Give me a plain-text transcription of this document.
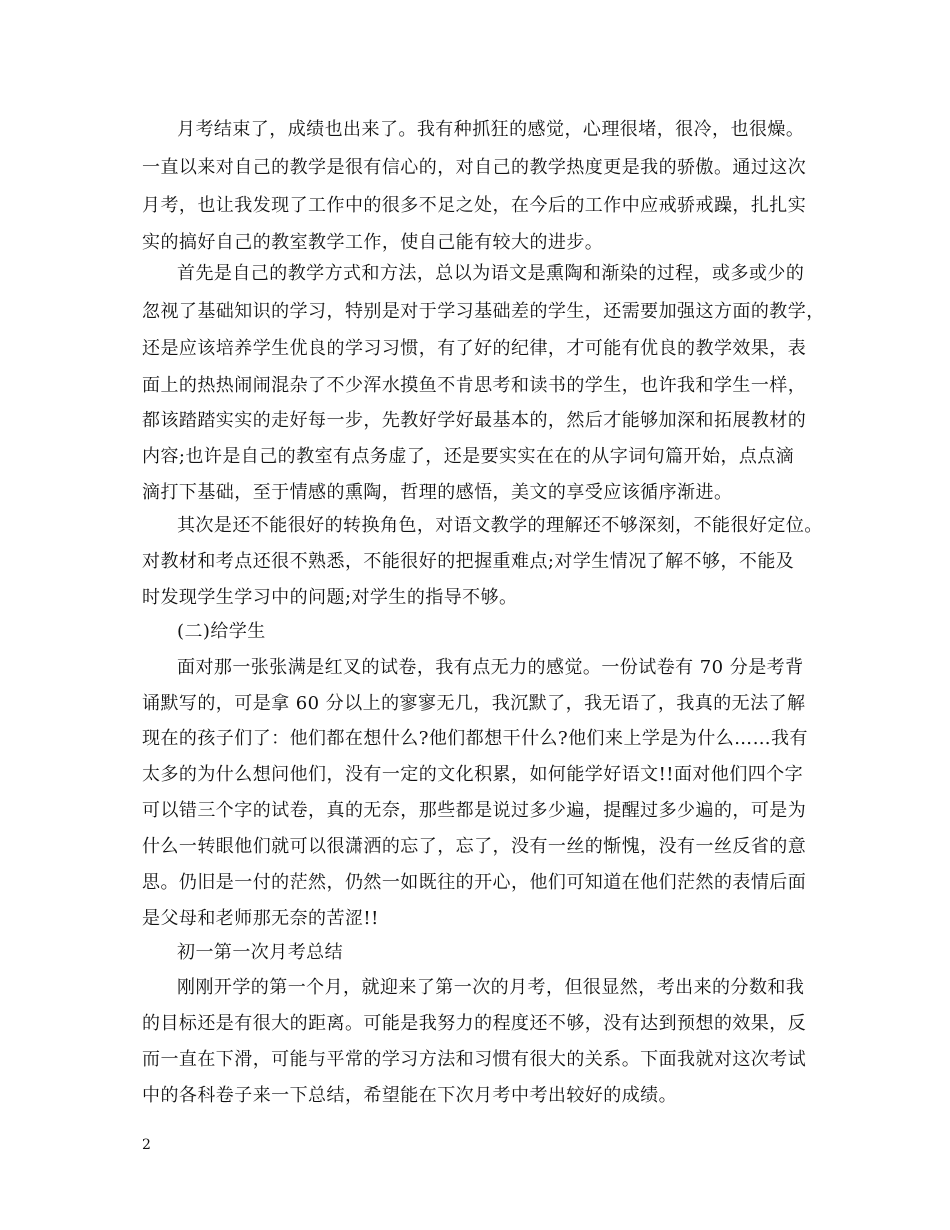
月考结束了，成绩也出来了。我有种抓狂的感觉，心理很堵，很冷，也很燥。
一直以来对自己的教学是很有信心的，对自己的教学热度更是我的骄傲。通过这次
月考，也让我发现了工作中的很多不足之处，在今后的工作中应戒骄戒躁，扎扎实
实的搞好自己的教室教学工作，使自己能有较大的进步。
首先是自己的教学方式和方法，总以为语文是熏陶和渐染的过程，或多或少的
忽视了基础知识的学习，特别是对于学习基础差的学生，还需要加强这方面的教学，
还是应该培养学生优良的学习习惯，有了好的纪律，才可能有优良的教学效果，表
面上的热热闹闹混杂了不少浑水摸鱼不肯思考和读书的学生，也许我和学生一样，
都该踏踏实实的走好每一步，先教好学好最基本的，然后才能够加深和拓展教材的
内容;也许是自己的教室有点务虚了，还是要实实在在的从字词句篇开始，点点滴
滴打下基础，至于情感的熏陶，哲理的感悟，美文的享受应该循序渐进。
其次是还不能很好的转换角色，对语文教学的理解还不够深刻，不能很好定位。
对教材和考点还很不熟悉，不能很好的把握重难点;对学生情况了解不够，不能及
时发现学生学习中的问题;对学生的指导不够。
(二)给学生
面对那一张张满是红叉的试卷，我有点无力的感觉。一份试卷有 70 分是考背
诵默写的，可是拿 60 分以上的寥寥无几，我沉默了，我无语了，我真的无法了解
现在的孩子们了：他们都在想什么?他们都想干什么?他们来上学是为什么……我有
太多的为什么想问他们，没有一定的文化积累，如何能学好语文!!面对他们四个字
可以错三个字的试卷，真的无奈，那些都是说过多少遍，提醒过多少遍的，可是为
什么一转眼他们就可以很潇洒的忘了，忘了，没有一丝的惭愧，没有一丝反省的意
思。仍旧是一付的茫然，仍然一如既往的开心，他们可知道在他们茫然的表情后面
是父母和老师那无奈的苦涩!!
初一第一次月考总结
刚刚开学的第一个月，就迎来了第一次的月考，但很显然，考出来的分数和我
的目标还是有很大的距离。可能是我努力的程度还不够，没有达到预想的效果，反
而一直在下滑，可能与平常的学习方法和习惯有很大的关系。下面我就对这次考试
中的各科卷子来一下总结，希望能在下次月考中考出较好的成绩。
2
